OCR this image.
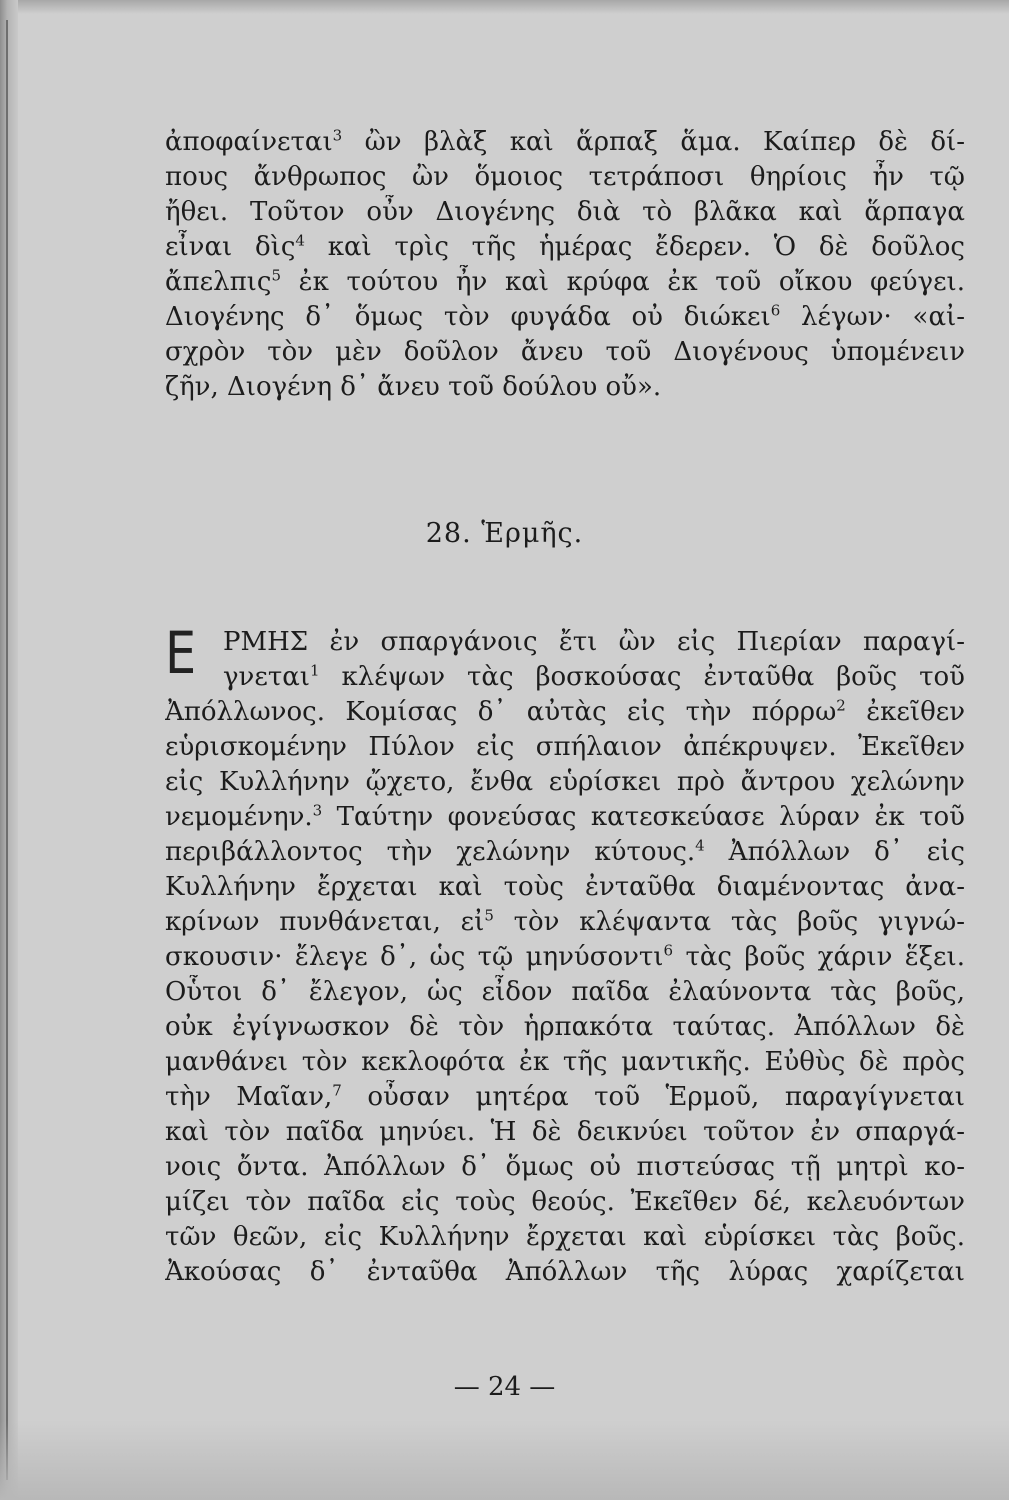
ἀποφαίνεται$^3$ ὢν βλὰξ καὶ ἅρπαξ ἅμα. Καίπερ δὲ δί-
πους ἄνθρωπος ὢν ὅμοιος τετράποσι θηρίοις ἦν τῷ
ἤθει. Τοῦτον οὖν Διογένης διὰ τὸ βλᾶκα καὶ ἅρπαγα
εἶναι δὶς$^4$ καὶ τρὶς τῆς ἡμέρας ἔδερεν. Ὁ δὲ δοῦλος
ἄπελπις$^5$ ἐκ τούτου ἦν καὶ κρύφα ἐκ τοῦ οἴκου φεύγει.
Διογένης δ᾿ ὅμως τὸν φυγάδα οὐ διώκει$^6$ λέγων· «αἰ-
σχρὸν τὸν μὲν δοῦλον ἄνευ τοῦ Διογένους ὑπομένειν
ζῆν, Διογένη δ᾿ ἄνευ τοῦ δούλου οὔ».
28. Ἑρμῆς.
E	ΡΜΗΣ ἐν σπαργάνοις ἔτι ὢν εἰς Πιερίαν παραγί-
γνεται$^1$ κλέψων τὰς βοσκούσας ἐνταῦθα βοῦς τοῦ
Ἀπόλλωνος. Κομίσας δ᾿ αὐτὰς εἰς τὴν πόρρω$^2$ ἐκεῖθεν
εὑρισκομένην Πύλον εἰς σπήλαιον ἀπέκρυψεν. Ἐκεῖθεν
εἰς Κυλλήνην ᾤχετο, ἔνθα εὑρίσκει πρὸ ἄντρου χελώνην
νεμομένην.$^3$ Ταύτην φονεύσας κατεσκεύασε λύραν ἐκ τοῦ
περιβάλλοντος τὴν χελώνην κύτους.$^4$ Ἀπόλλων δ᾿ εἰς
Κυλλήνην ἔρχεται καὶ τοὺς ἐνταῦθα διαμένοντας ἀνα-
κρίνων πυνθάνεται, εἰ$^5$ τὸν κλέψαντα τὰς βοῦς γιγνώ-
σκουσιν· ἔλεγε δ᾿, ὡς τῷ μηνύσοντι$^6$ τὰς βοῦς χάριν ἕξει.
Οὗτοι δ᾿ ἔλεγον, ὡς εἶδον παῖδα ἐλαύνοντα τὰς βοῦς,
οὐκ ἐγίγνωσκον δὲ τὸν ἡρπακότα ταύτας. Ἀπόλλων δὲ
μανθάνει τὸν κεκλοφότα ἐκ τῆς μαντικῆς. Εὐθὺς δὲ πρὸς
τὴν Μαῖαν,$^7$ οὖσαν μητέρα τοῦ Ἑρμοῦ, παραγίγνεται
καὶ τὸν παῖδα μηνύει. Ἡ δὲ δεικνύει τοῦτον ἐν σπαργά-
νοις ὄντα. Ἀπόλλων δ᾿ ὅμως οὐ πιστεύσας τῇ μητρὶ κο-
μίζει τὸν παῖδα εἰς τοὺς θεούς. Ἐκεῖθεν δέ, κελευόντων
τῶν θεῶν, εἰς Κυλλήνην ἔρχεται καὶ εὑρίσκει τὰς βοῦς.
Ἀκούσας δ᾿ ἐνταῦθα Ἀπόλλων τῆς λύρας χαρίζεται
— 24 —
